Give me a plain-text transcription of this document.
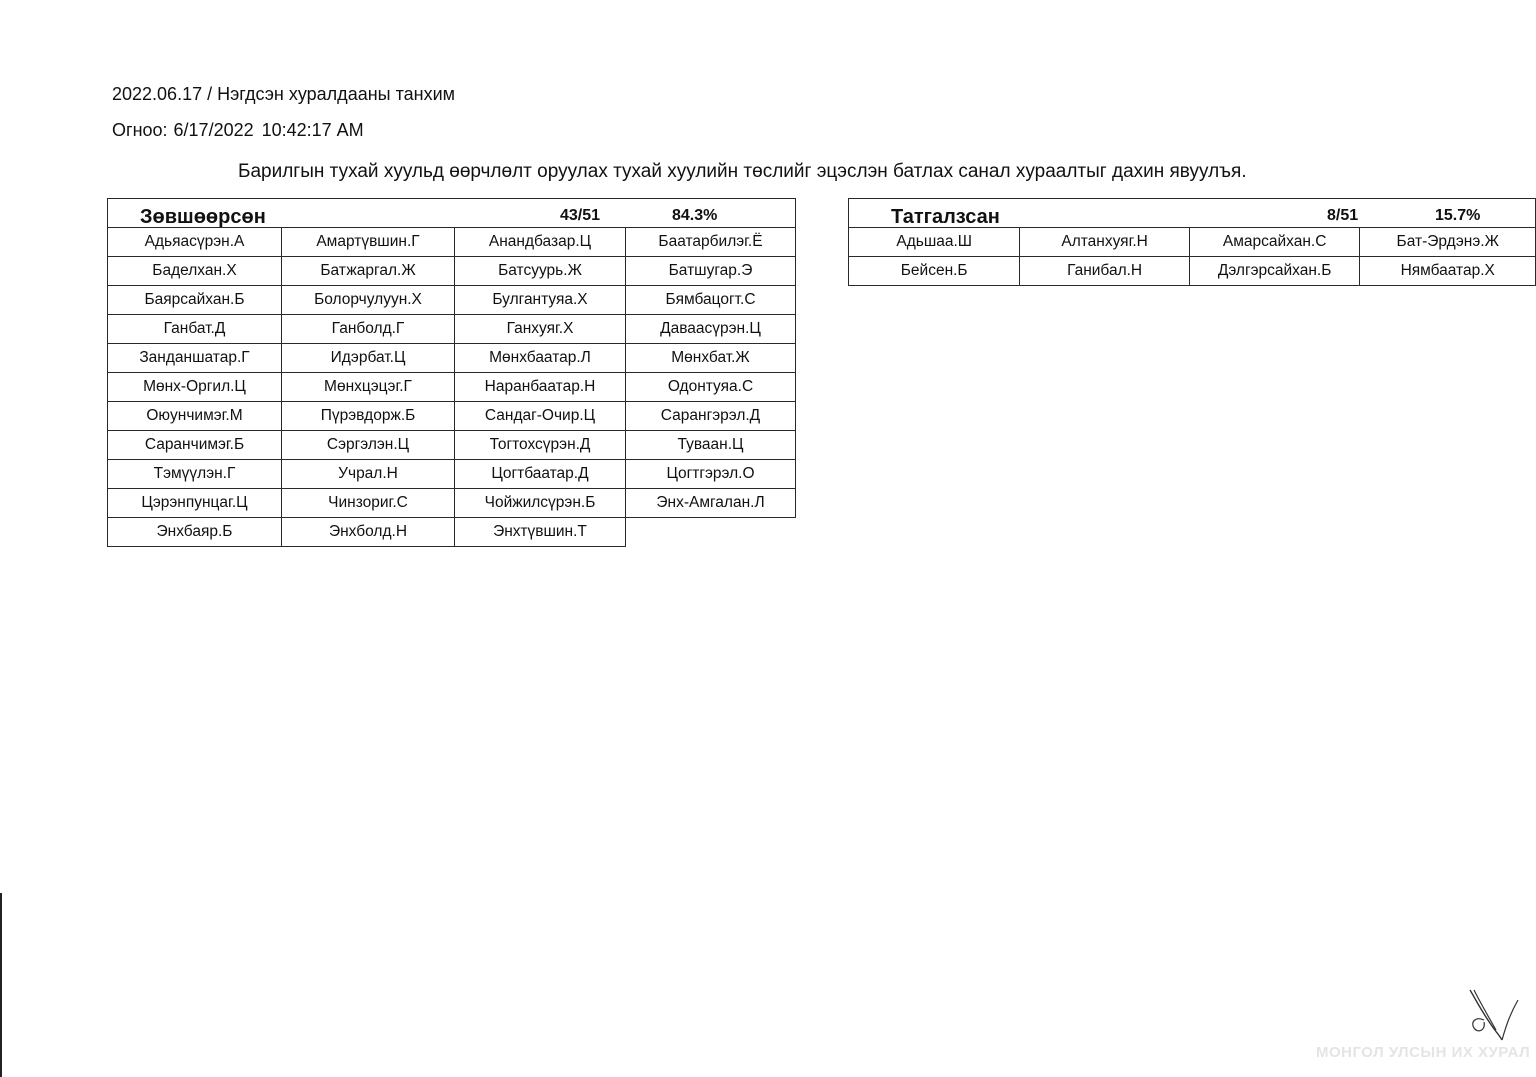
2022.06.17 / Нэгдсэн хуралдааны танхим
Огноо: 6/17/2022 10:42:17 AM
Барилгын тухай хуульд өөрчлөлт оруулах тухай хуулийн төслийг эцэслэн батлах санал хураалтыг дахин явуулъя.
Зөвшөөрсөн 43/51 84.3%			

Адьяасүрэн.А	Амартүвшин.Г	Анандбазар.Ц	Баатарбилэг.Ё
Баделхан.Х	Батжаргал.Ж	Батсуурь.Ж	Батшугар.Э
Баярсайхан.Б	Болорчулуун.Х	Булгантуяа.Х	Бямбацогт.С
Ганбат.Д	Ганболд.Г	Ганхуяг.Х	Даваасүрэн.Ц
Занданшатар.Г	Идэрбат.Ц	Мөнхбаатар.Л	Мөнхбат.Ж
Мөнх-Оргил.Ц	Мөнхцэцэг.Г	Наранбаатар.Н	Одонтуяа.С
Оюунчимэг.М	Пүрэвдорж.Б	Сандаг-Очир.Ц	Сарангэрэл.Д
Саранчимэг.Б	Сэргэлэн.Ц	Тогтохсүрэн.Д	Туваан.Ц
Тэмүүлэн.Г	Учрал.Н	Цогтбаатар.Д	Цогтгэрэл.О
Цэрэнпунцаг.Ц	Чинзориг.С	Чойжилсүрэн.Б	Энх-Амгалан.Л
Энхбаяр.Б	Энхболд.Н	Энхтүвшин.Т	
Татгалзсан 8/51 15.7%			

Адьшаа.Ш	Алтанхуяг.Н	Амарсайхан.С	Бат-Эрдэнэ.Ж
Бейсен.Б	Ганибал.Н	Дэлгэрсайхан.Б	Нямбаатар.Х
МОНГОЛ УЛСЫН ИХ ХУРАЛ
